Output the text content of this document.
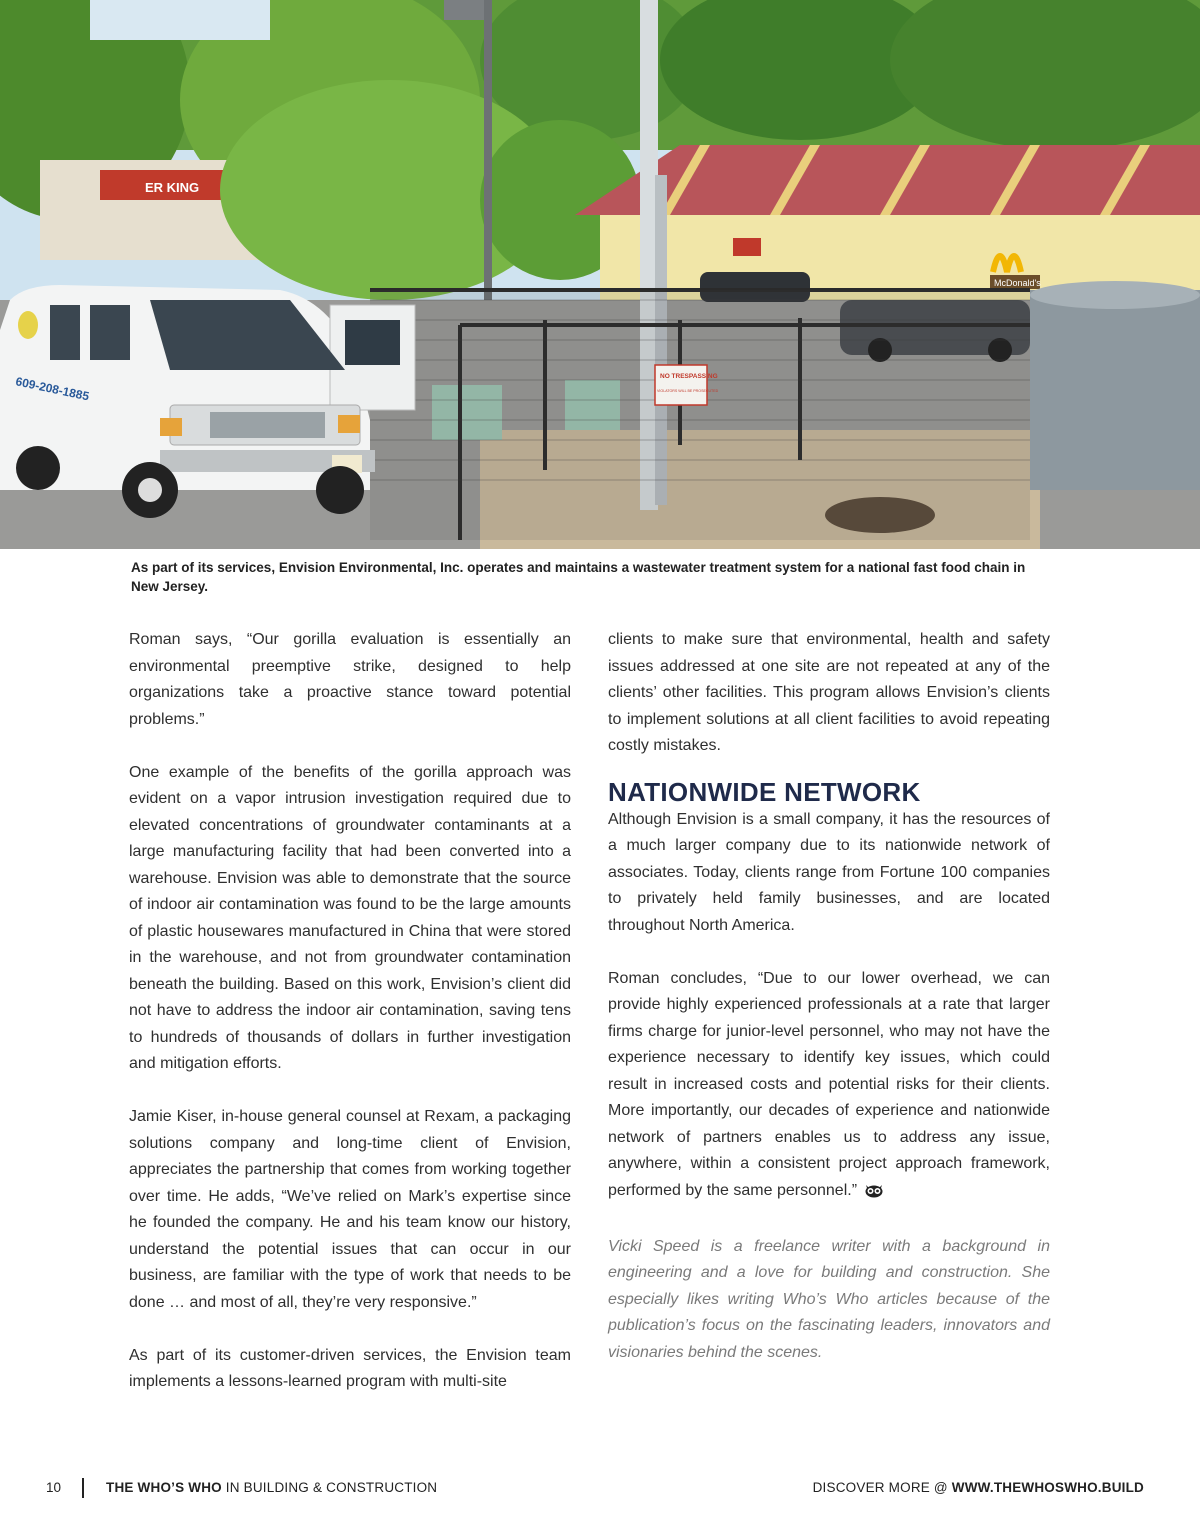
ER KING
McDonald's
NO TRESPASSING
VIOLATORS WILL BE PROSECUTED
609-208-1885
As part of its services, Envision Environmental, Inc. operates and maintains a wastewater treatment system for a national fast food chain in New Jersey.

Roman says, “Our gorilla evaluation is essentially an environmental preemptive strike, designed to help organizations take a proactive stance toward potential problems.”

One example of the benefits of the gorilla approach was evident on a vapor intrusion investigation required due to elevated concentrations of groundwater contaminants at a large manufacturing facility that had been converted into a warehouse. Envision was able to demonstrate that the source of indoor air contamination was found to be the large amounts of plastic housewares manufactured in China that were stored in the warehouse, and not from groundwater contamination beneath the building. Based on this work, Envision’s client did not have to address the indoor air contamination, saving tens to hundreds of thousands of dollars in further investigation and mitigation efforts.

Jamie Kiser, in-house general counsel at Rexam, a packaging solutions company and long-time client of Envision, appreciates the partnership that comes from working together over time. He adds, “We’ve relied on Mark’s expertise since he founded the company. He and his team know our history, understand the potential issues that can occur in our business, are familiar with the type of work that needs to be done … and most of all, they’re very responsive.”

As part of its customer-driven services, the Envision team implements a lessons-learned program with multi-site

clients to make sure that environmental, health and safety issues addressed at one site are not repeated at any of the clients’ other facilities. This program allows Envision’s clients to implement solutions at all client facilities to avoid repeating costly mistakes.

NATIONWIDE NETWORK

Although Envision is a small company, it has the resources of a much larger company due to its nationwide network of associates. Today, clients range from Fortune 100 companies to privately held family businesses, and are located throughout North America.

Roman concludes, “Due to our lower overhead, we can provide highly experienced professionals at a rate that larger firms charge for junior-level personnel, who may not have the experience necessary to identify key issues, which could result in increased costs and potential risks for their clients. More importantly, our decades of experience and nationwide network of partners enables us to address any issue, anywhere, within a consistent project approach framework, performed by the same personnel.”

Vicki Speed is a freelance writer with a background in engineering and a love for building and construction. She especially likes writing Who’s Who articles because of the publication’s focus on the fascinating leaders, innovators and visionaries behind the scenes.

10	THE WHO’S WHO IN BUILDING & CONSTRUCTION	DISCOVER MORE @ WWW.THEWHOSWHO.BUILD
